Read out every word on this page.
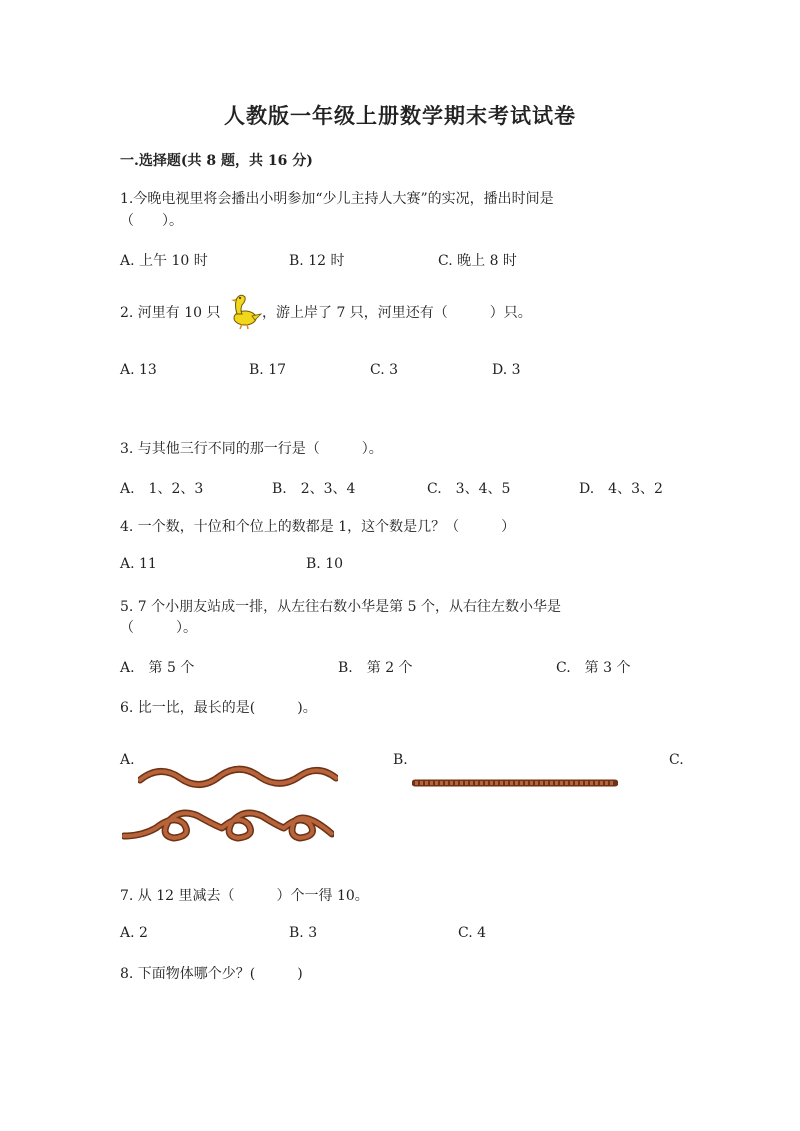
人教版一年级上册数学期末考试试卷
一.选择题(共 8 题，共 16 分)
1.今晚电视里将会播出小明参加“少儿主持人大赛”的实况，播出时间是
（　　）。
A. 上午 10 时	B. 12 时	C. 晚上 8 时
2. 河里有 10 只	，游上岸了 7 只，河里还有（　　　）只。
A. 13	B. 17	C. 3	D. 3
3. 与其他三行不同的那一行是（　　　）。
A.　1、2、3	B.　2、3、4	C.　3、4、5	D.　4、3、2
4. 一个数，十位和个位上的数都是 1，这个数是几？（　　　）
A. 11	B. 10
5. 7 个小朋友站成一排，从左往右数小华是第 5 个，从右往左数小华是
（　　　）。
A.　第 5 个	B.　第 2 个	C.　第 3 个
6. 比一比，最长的是(　　　)。
A.	B.	C.
7. 从 12 里减去（　　　）个一得 10。
A. 2	B. 3	C. 4
8. 下面物体哪个少？(　　　)
